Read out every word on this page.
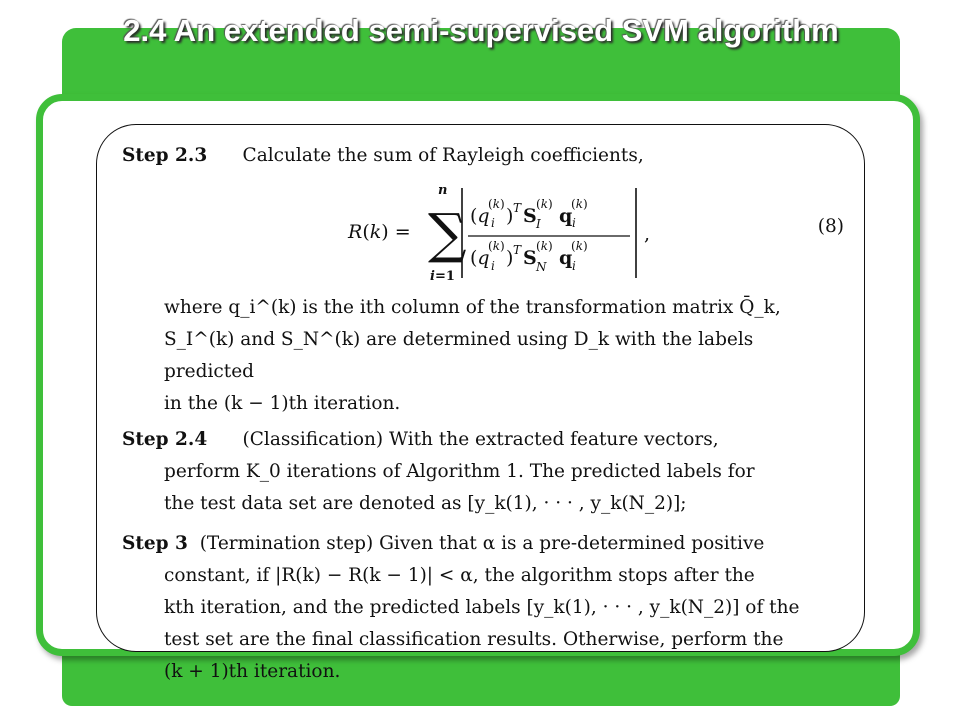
2.4 An extended semi-supervised SVM algorithm

Step 2.3 Calculate the sum of Rayleigh coefficients,

R(k) =
n
∑
i=1
(q
(k)
i ) T S
(k)
I q
(k)
i
(q
(k)
i ) T S
(k)
N q
(k)
i
,	(8)

where q_i^(k) is the ith column of the transformation matrix Q̄_k,

S_I^(k) and S_N^(k) are determined using D_k with the labels predicted

in the (k − 1)th iteration.

Step 2.4 (Classification) With the extracted feature vectors,

perform K_0 iterations of Algorithm 1. The predicted labels for

the test data set are denoted as [y_k(1), · · · , y_k(N_2)];

Step 3 (Termination step) Given that α is a pre-determined positive

constant, if |R(k) − R(k − 1)| < α, the algorithm stops after the

kth iteration, and the predicted labels [y_k(1), · · · , y_k(N_2)] of the

test set are the final classification results. Otherwise, perform the

(k + 1)th iteration.
